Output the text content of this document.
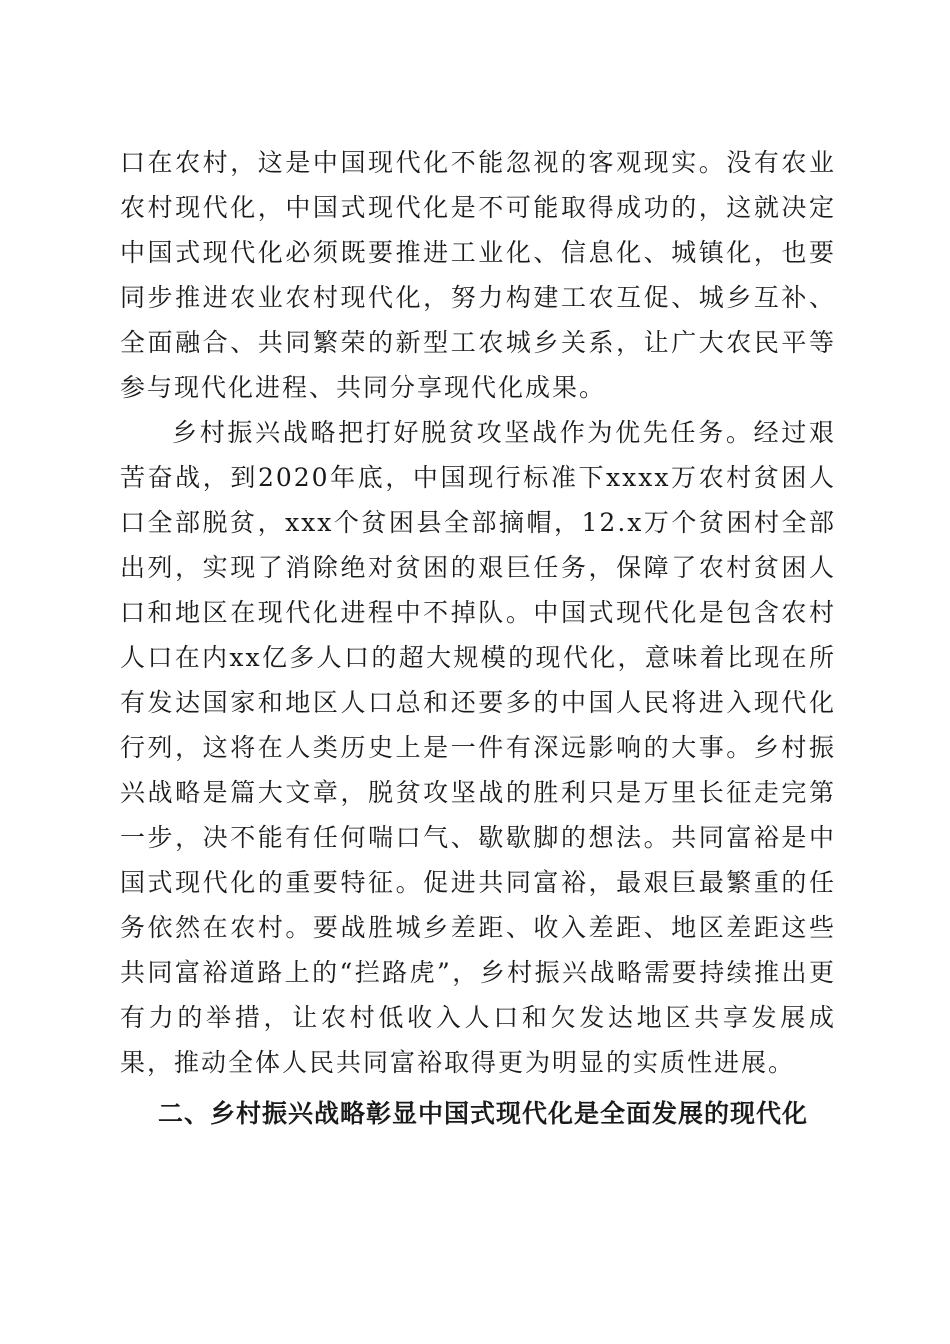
口在农村，这是中国现代化不能忽视的客观现实。没有农业农村现代化，中国式现代化是不可能取得成功的，这就决定中国式现代化必须既要推进工业化、信息化、城镇化，也要同步推进农业农村现代化，努力构建工农互促、城乡互补、全面融合、共同繁荣的新型工农城乡关系，让广大农民平等参与现代化进程、共同分享现代化成果。

乡村振兴战略把打好脱贫攻坚战作为优先任务。经过艰苦奋战，到2020年底，中国现行标准下xxxx万农村贫困人口全部脱贫，xxx个贫困县全部摘帽，12.x万个贫困村全部出列，实现了消除绝对贫困的艰巨任务，保障了农村贫困人口和地区在现代化进程中不掉队。中国式现代化是包含农村人口在内xx亿多人口的超大规模的现代化，意味着比现在所有发达国家和地区人口总和还要多的中国人民将进入现代化行列，这将在人类历史上是一件有深远影响的大事。乡村振兴战略是篇大文章，脱贫攻坚战的胜利只是万里长征走完第一步，决不能有任何喘口气、歇歇脚的想法。共同富裕是中国式现代化的重要特征。促进共同富裕，最艰巨最繁重的任务依然在农村。要战胜城乡差距、收入差距、地区差距这些共同富裕道路上的“拦路虎”，乡村振兴战略需要持续推出更有力的举措，让农村低收入人口和欠发达地区共享发展成果，推动全体人民共同富裕取得更为明显的实质性进展。

二、乡村振兴战略彰显中国式现代化是全面发展的现代化
